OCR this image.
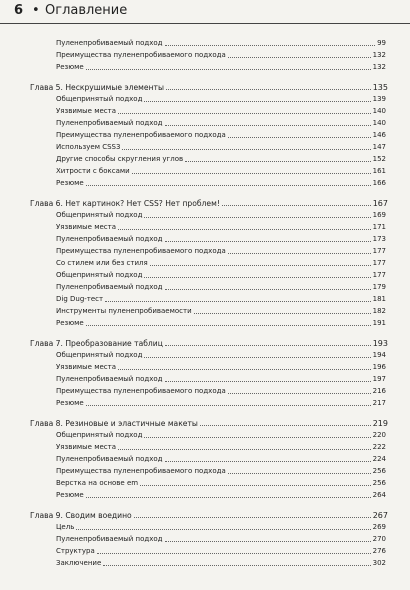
6 • Оглавление
Пуленепробиваемый подход	99
Преимущества пуленепробиваемого подхода	132
Резюме	132
Глава 5. Нескрушимые элементы	135
Общепринятый подход	139
Уязвимые места	140
Пуленепробиваемый подход	140
Преимущества пуленепробиваемого подхода	146
Используем CSS3	147
Другие способы скругления углов	152
Хитрости с боксами	161
Резюме	166
Глава 6. Нет картинок? Нет CSS? Нет проблем!	167
Общепринятый подход	169
Уязвимые места	171
Пуленепробиваемый подход	173
Преимущества пуленепробиваемого подхода	177
Со стилем или без стиля	177
Общепринятый подход	177
Пуленепробиваемый подход	179
Dig Dug-тест	181
Инструменты пуленепробиваемости	182
Резюме	191
Глава 7. Преобразование таблиц	193
Общепринятый подход	194
Уязвимые места	196
Пуленепробиваемый подход	197
Преимущества пуленепробиваемого подхода	216
Резюме	217
Глава 8. Резиновые и эластичные макеты	219
Общепринятый подход	220
Уязвимые места	222
Пуленепробиваемый подход	224
Преимущества пуленепробиваемого подхода	256
Верстка на основе em	256
Резюме	264
Глава 9. Сводим воедино	267
Цель	269
Пуленепробиваемый подход	270
Структура	276
Заключение	302
